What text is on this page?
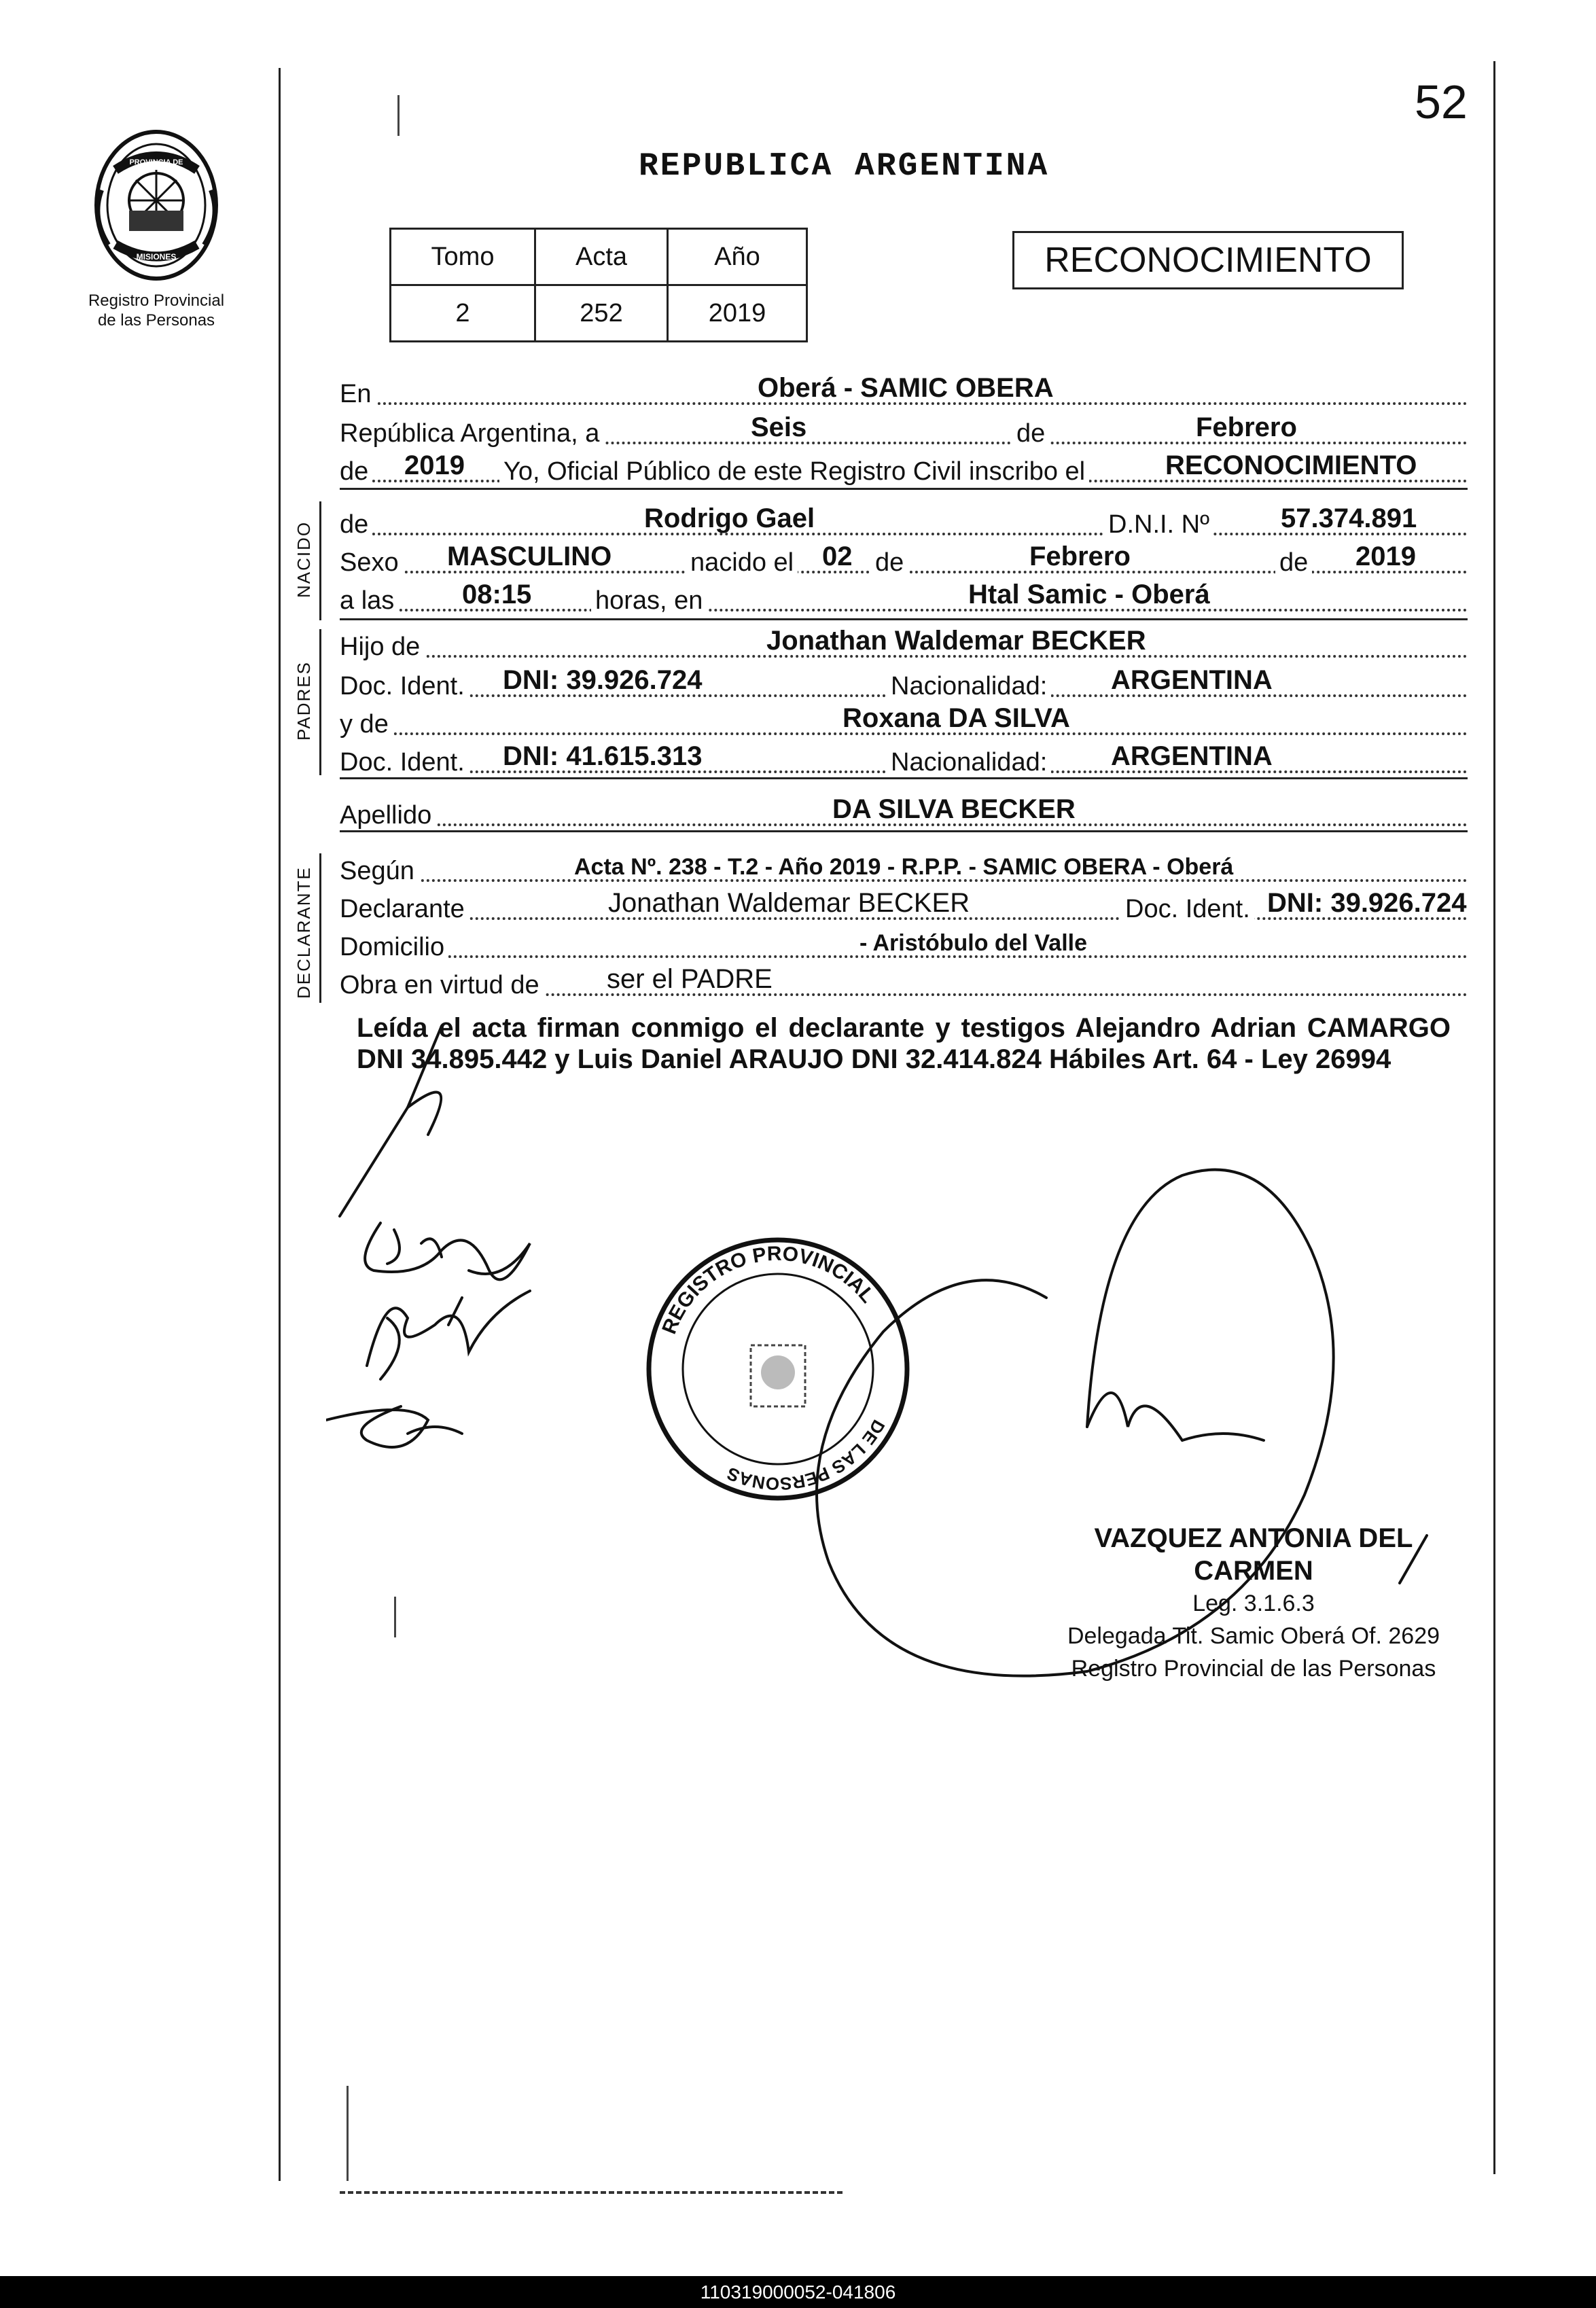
52
REPUBLICA ARGENTINA
PROVINCIA DE
MISIONES
Registro Provincial
de las Personas
Tomo	Acta	Año
2	252	2019
RECONOCIMIENTO
En	Oberá - SAMIC OBERA
República Argentina, a	Seis	de	Febrero
de 2019 Yo, Oficial Público de este Registro Civil inscribo el	RECONOCIMIENTO
NACIDO de	Rodrigo Gael	D.N.I. Nº	57.374.891
Sexo MASCULINO	nacido el 02 de	Febrero	de 2019
a las 08:15 horas, en	Htal Samic - Oberá
PADRES
Hijo de	Jonathan Waldemar BECKER
Doc. Ident. DNI: 39.926.724	Nacionalidad: ARGENTINA
y de	Roxana DA SILVA
Doc. Ident. DNI: 41.615.313	Nacionalidad: ARGENTINA
Apellido	DA SILVA BECKER
DECLARANTE Según	Acta Nº. 238 - T.2 - Año 2019 - R.P.P. - SAMIC OBERA - Oberá
Declarante	Jonathan Waldemar BECKER	Doc. Ident. DNI: 39.926.724
Domicilio	- Aristóbulo del Valle
Obra en virtud de ser el PADRE
Leída el acta firman conmigo el declarante y testigos Alejandro Adrian CAMARGO DNI 34.895.442 y Luis Daniel ARAUJO DNI 32.414.824 Hábiles Art. 64 - Ley 26994
REGISTRO PROVINCIAL
DE LAS PERSONAS
VAZQUEZ ANTONIA DEL CARMEN
Leg. 3.1.6.3
Delegada Tit. Samic Oberá Of. 2629
Registro Provincial de las Personas
110319000052-041806
